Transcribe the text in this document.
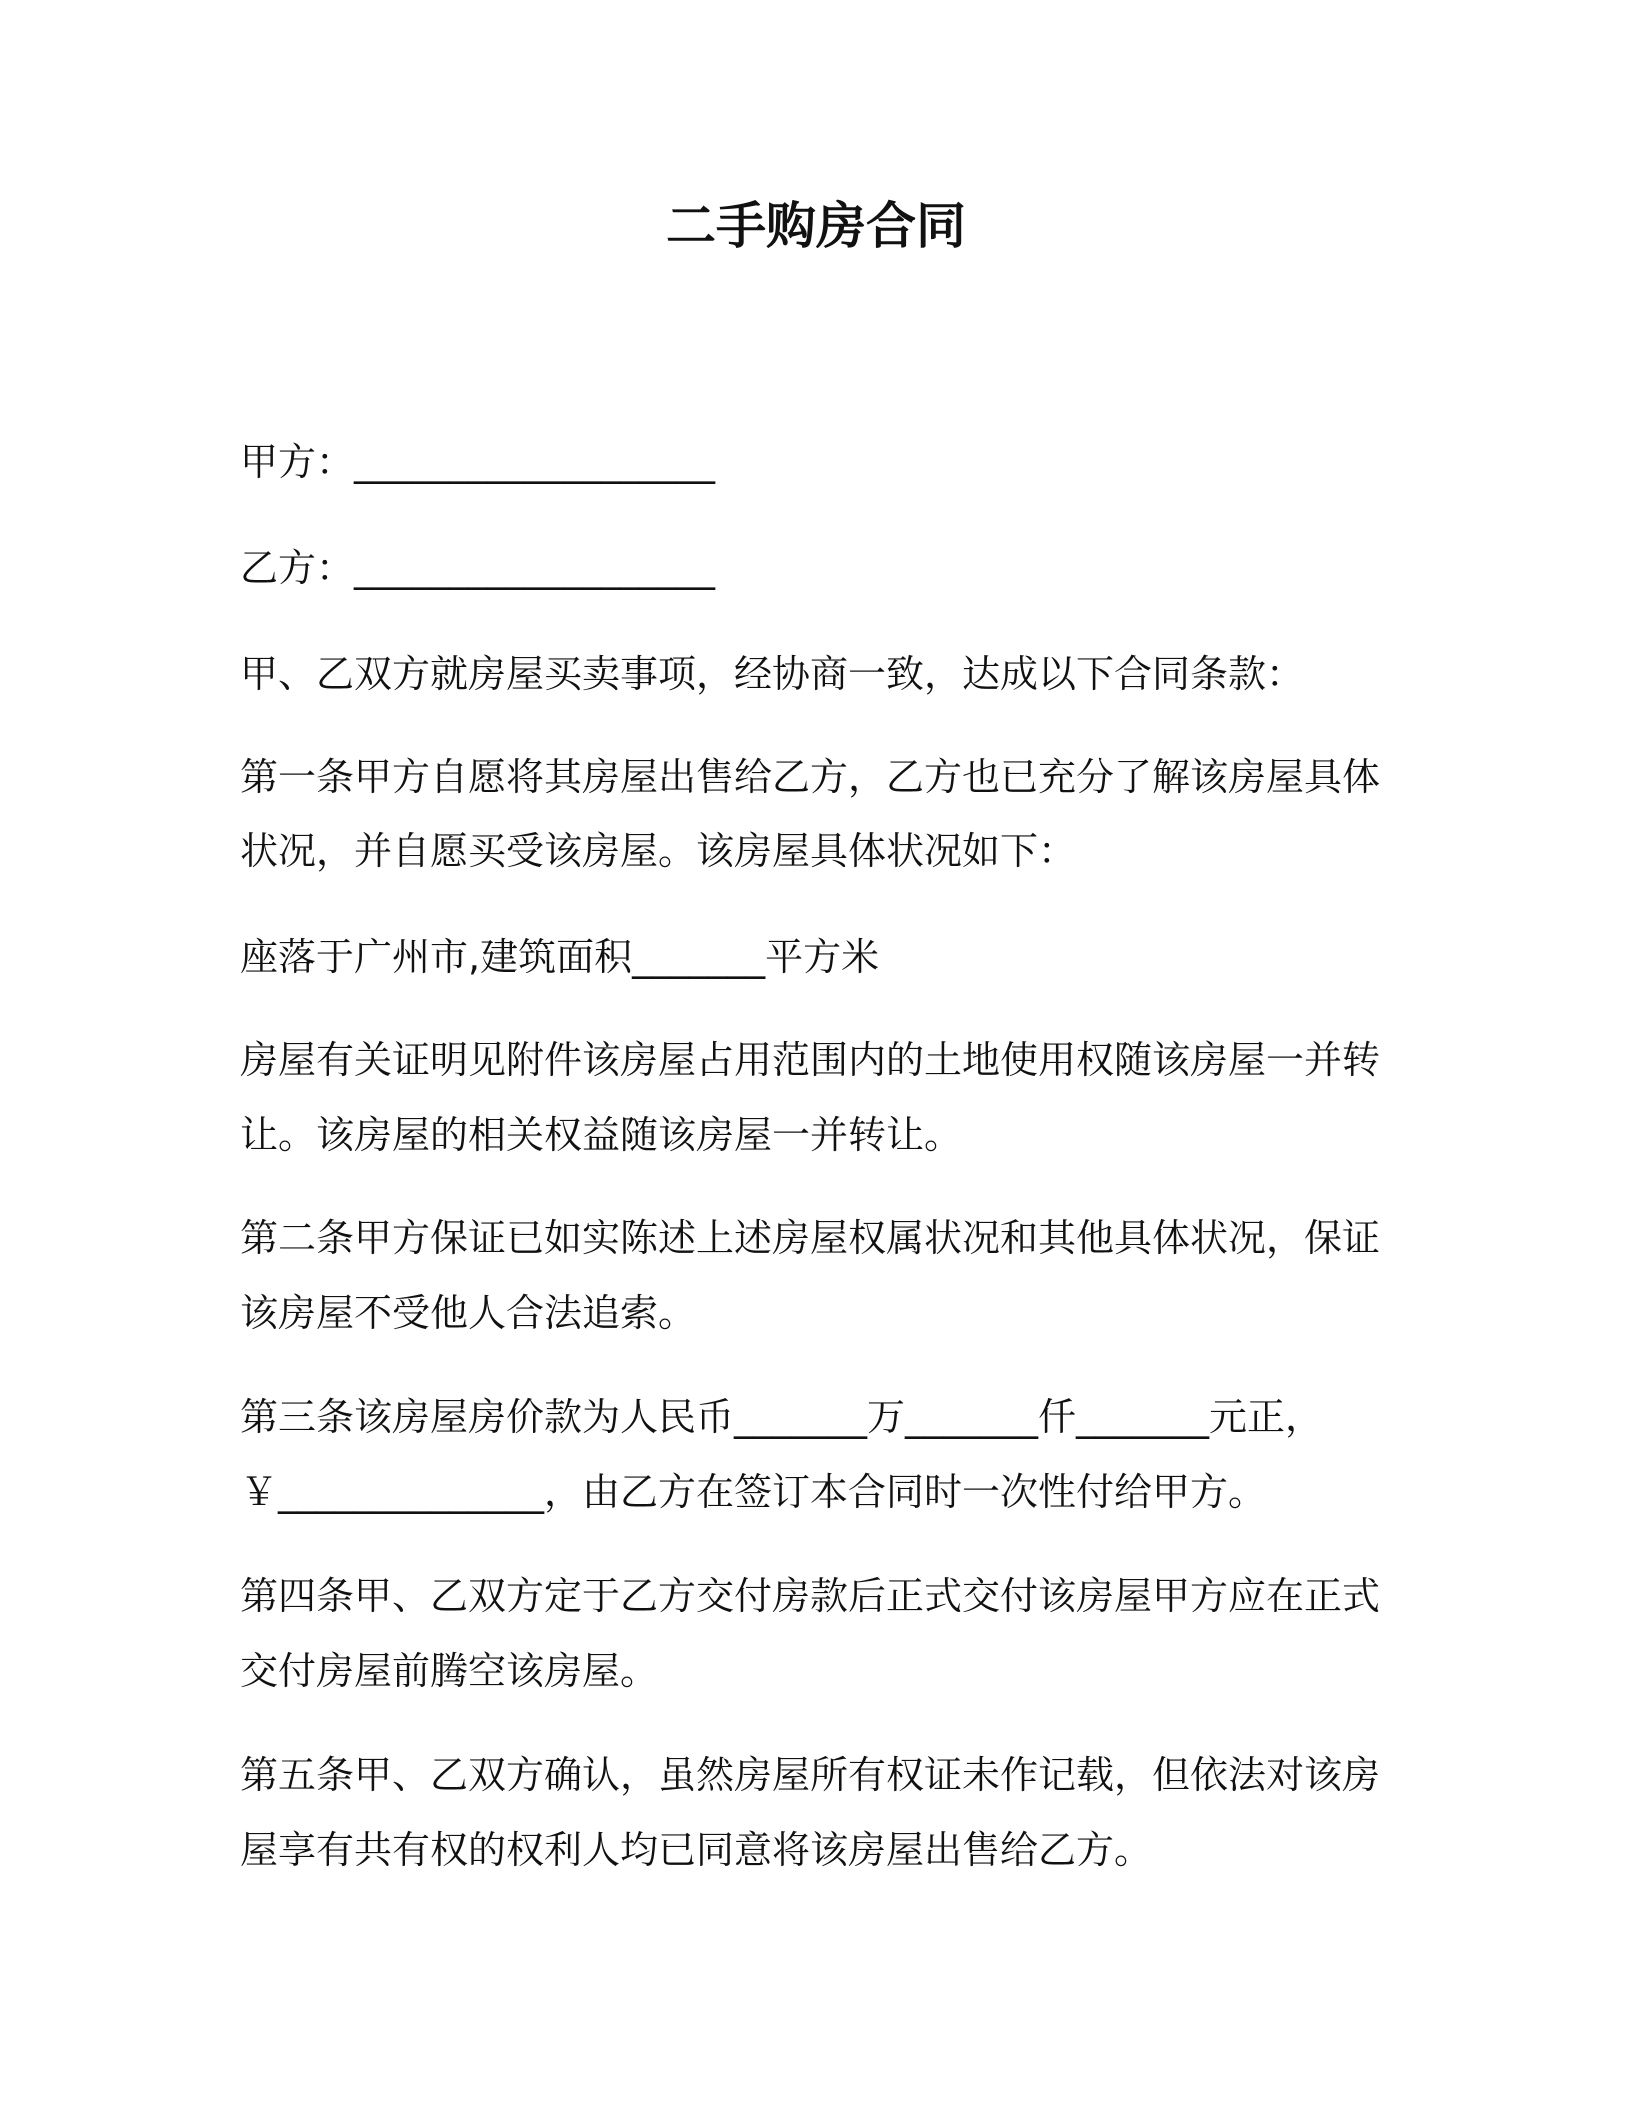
二手购房合同

甲方：___________________

乙方：___________________

甲、乙双方就房屋买卖事项，经协商一致，达成以下合同条款：

第一条甲方自愿将其房屋出售给乙方，乙方也已充分了解该房屋具体

状况，并自愿买受该房屋。该房屋具体状况如下：

座落于广州市,建筑面积_______平方米

房屋有关证明见附件该房屋占用范围内的土地使用权随该房屋一并转

让。该房屋的相关权益随该房屋一并转让。

第二条甲方保证已如实陈述上述房屋权属状况和其他具体状况，保证

该房屋不受他人合法追索。

第三条该房屋房价款为人民币_______万_______仟_______元正，

￥______________，由乙方在签订本合同时一次性付给甲方。

第四条甲、乙双方定于乙方交付房款后正式交付该房屋甲方应在正式

交付房屋前腾空该房屋。

第五条甲、乙双方确认，虽然房屋所有权证未作记载，但依法对该房

屋享有共有权的权利人均已同意将该房屋出售给乙方。
